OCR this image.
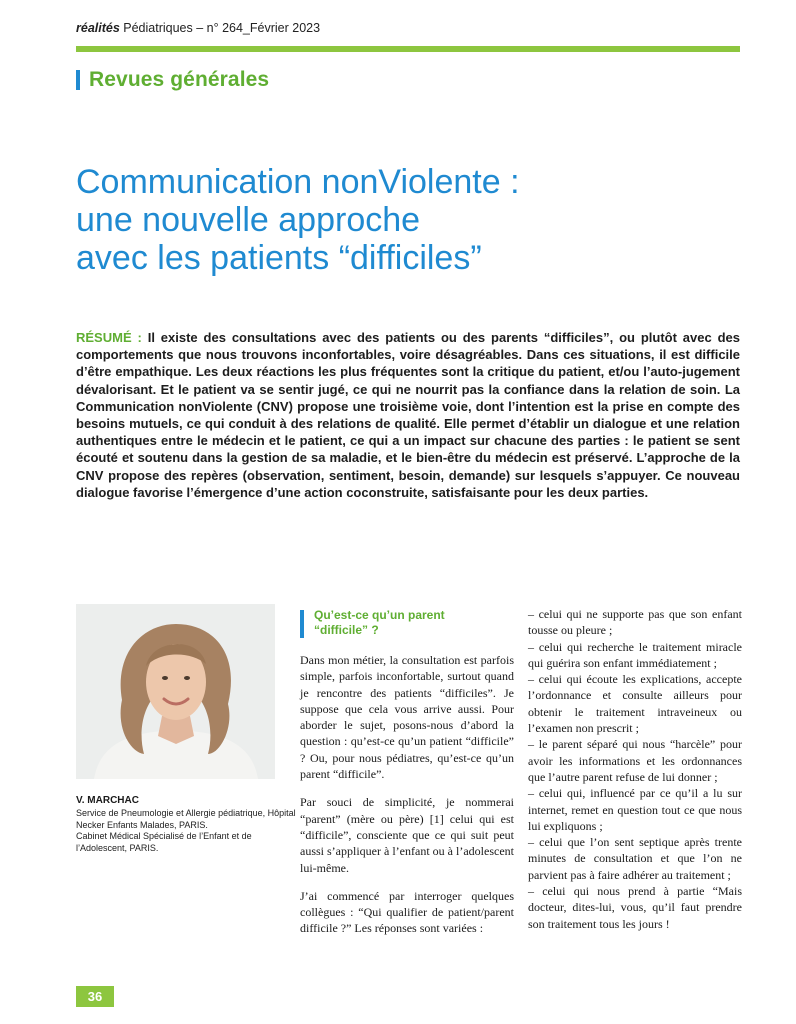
réalités Pédiatriques – n° 264_Février 2023
Revues générales
Communication nonViolente :
une nouvelle approche
avec les patients “difficiles”
RÉSUMÉ : Il existe des consultations avec des patients ou des parents “difficiles”, ou plutôt avec des comportements que nous trouvons inconfortables, voire désagréables. Dans ces situations, il est difficile d’être empathique. Les deux réactions les plus fréquentes sont la critique du patient, et/ou l’auto-jugement dévalorisant. Et le patient va se sentir jugé, ce qui ne nourrit pas la confiance dans la relation de soin. La Communication nonViolente (CNV) propose une troisième voie, dont l’intention est la prise en compte des besoins mutuels, ce qui conduit à des relations de qualité. Elle permet d’établir un dialogue et une relation authentiques entre le médecin et le patient, ce qui a un impact sur chacune des parties : le patient se sent écouté et soutenu dans la gestion de sa maladie, et le bien-être du médecin est préservé. L’approche de la CNV propose des repères (observation, sentiment, besoin, demande) sur lesquels s’appuyer. Ce nouveau dialogue favorise l’émergence d’une action coconstruite, satisfaisante pour les deux parties.
V. MARCHAC
Service de Pneumologie et Allergie pédiatrique, Hôpital Necker Enfants Malades, PARIS.
Cabinet Médical Spécialisé de l’Enfant et de l’Adolescent, PARIS.
Qu’est-ce qu’un parent
“difficile” ?

Dans mon métier, la consultation est parfois simple, parfois inconfortable, surtout quand je rencontre des patients “difficiles”. Je suppose que cela vous arrive aussi. Pour aborder le sujet, posons-nous d’abord la question : qu’est-ce qu’un patient “difficile” ? Ou, pour nous pédiatres, qu’est-ce qu’un parent “difficile”.

Par souci de simplicité, je nommerai “parent” (mère ou père) [1] celui qui est “difficile”, consciente que ce qui suit peut aussi s’appliquer à l’enfant ou à l’adolescent lui-même.

J’ai commencé par interroger quelques collègues : “Qui qualifier de patient/parent difficile ?” Les réponses sont variées :

– celui qui ne supporte pas que son enfant tousse ou pleure ;

– celui qui recherche le traitement miracle qui guérira son enfant immédiatement ;

– celui qui écoute les explications, accepte l’ordonnance et consulte ailleurs pour obtenir le traitement intraveineux ou l’examen non prescrit ;

– le parent séparé qui nous “harcèle” pour avoir les informations et les ordonnances que l’autre parent refuse de lui donner ;

– celui qui, influencé par ce qu’il a lu sur internet, remet en question tout ce que nous lui expliquons ;

– celui que l’on sent septique après trente minutes de consultation et que l’on ne parvient pas à faire adhérer au traitement ;

– celui qui nous prend à partie “Mais docteur, dites-lui, vous, qu’il faut prendre son traitement tous les jours !

36
